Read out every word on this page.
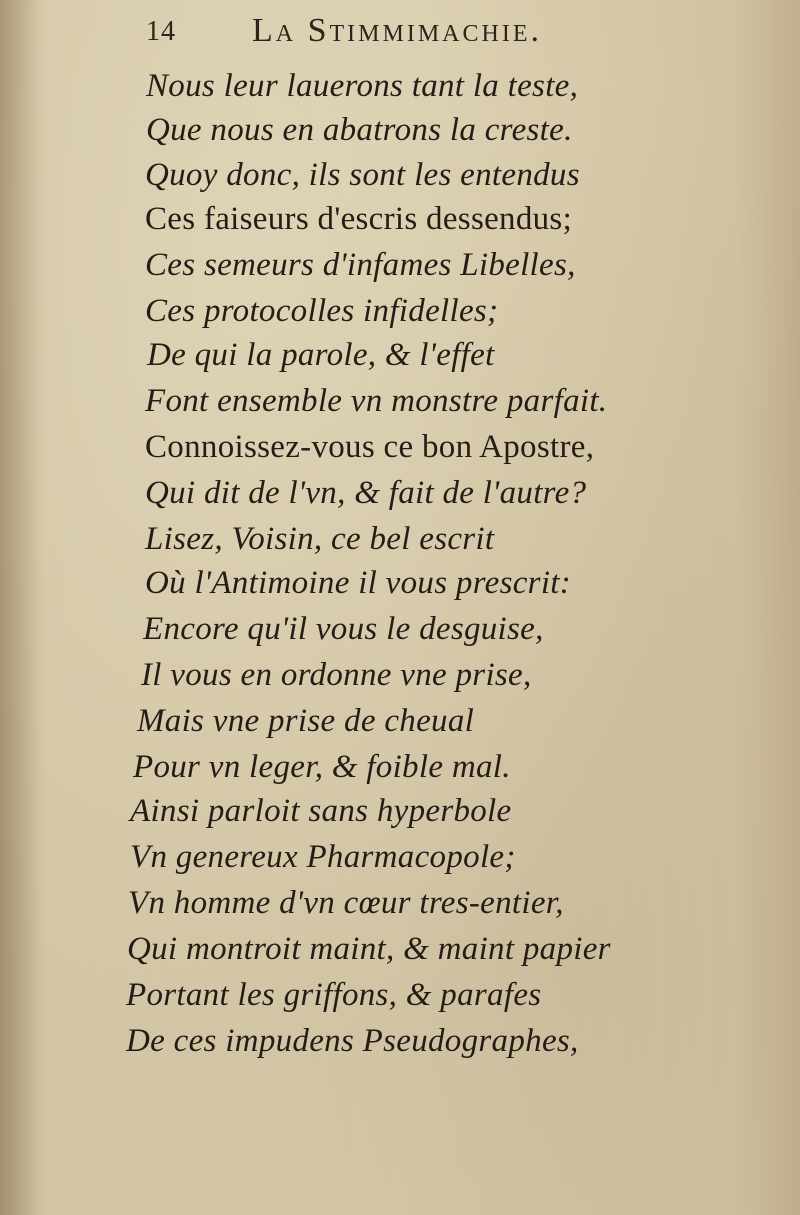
14 La Stimmimachie.
Nous leur lauerons tant la teste,
Que nous en abatrons la creste.
Quoy donc, ils sont les entendus
Ces faiseurs d'escris dessendus;
Ces semeurs d'infames Libelles,
Ces protocolles infidelles;
De qui la parole, & l'effet
Font ensemble vn monstre parfait.
Connoissez-vous ce bon Apostre,
Qui dit de l'vn, & fait de l'autre?
Lisez, Voisin, ce bel escrit
Où l'Antimoine il vous prescrit:
Encore qu'il vous le desguise,
Il vous en ordonne vne prise,
Mais vne prise de cheual
Pour vn leger, & foible mal.
Ainsi parloit sans hyperbole
Vn genereux Pharmacopole;
Vn homme d'vn cœur tres-entier,
Qui montroit maint, & maint papier
Portant les griffons, & parafes
De ces impudens Pseudographes,
